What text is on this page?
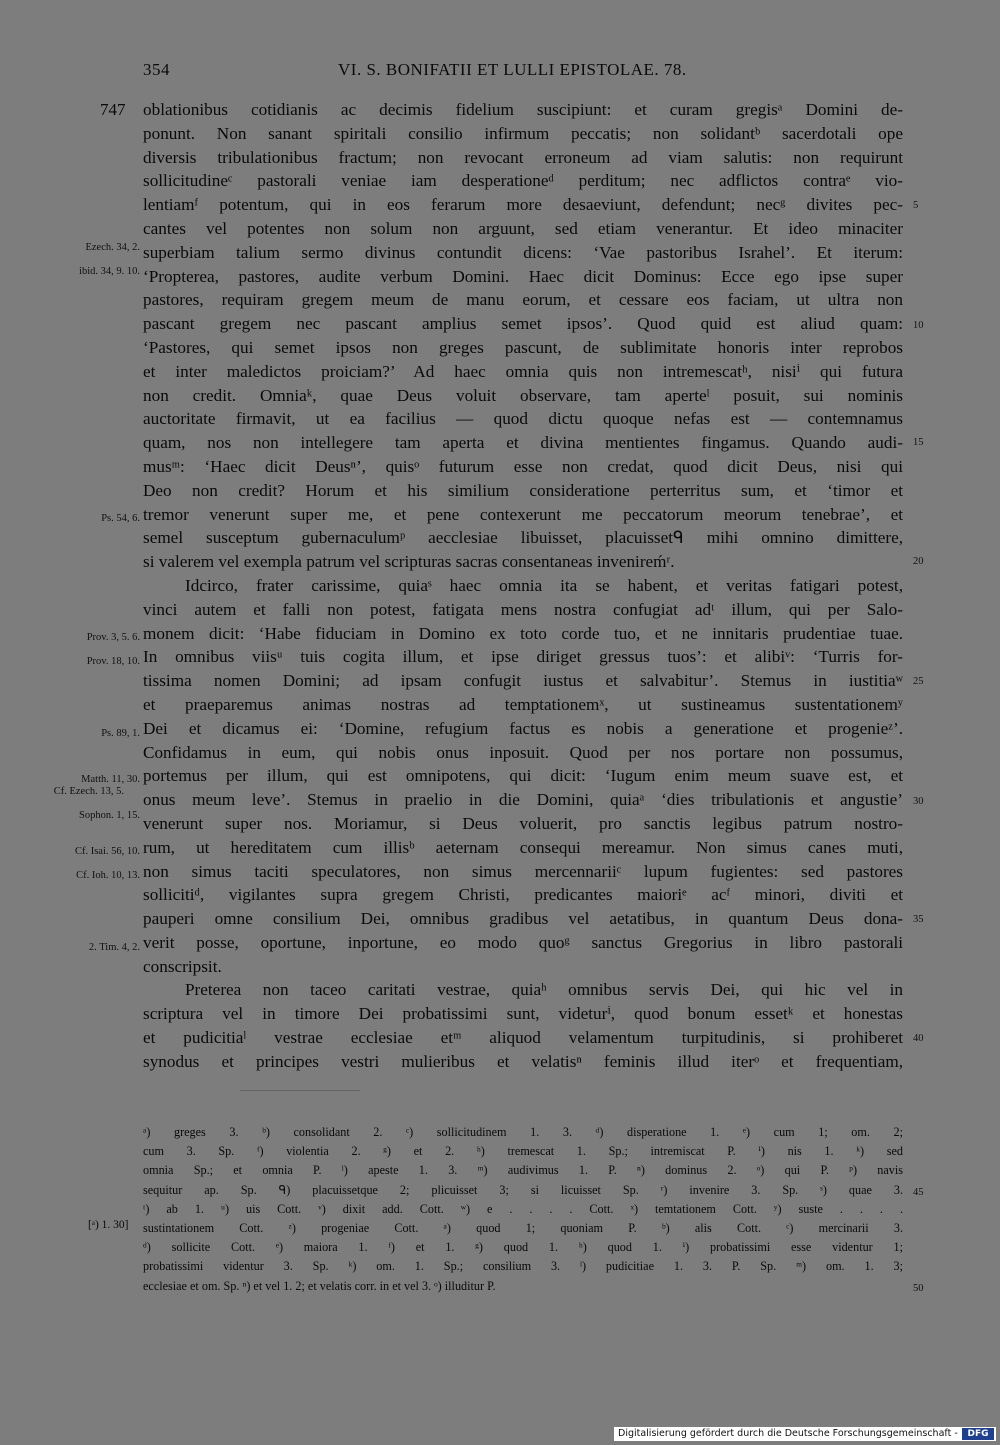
354	VI. S. BONIFATII ET LULLI EPISTOLAE. 78.
747 oblationibus cotidianis ac decimis fidelium suscipiunt: et curam gregisᵃ Domini de-
ponunt. Non sanant spiritali consilio infirmum peccatis; non solidantᵇ sacerdotali ope
diversis tribulationibus fractum; non revocant erroneum ad viam salutis: non requirunt
sollicitudineᶜ pastorali veniae iam desperationeᵈ perditum; nec adflictos contraᵉ vio-
lentiamᶠ potentum, qui in eos ferarum more desaeviunt, defendunt; necᵍ divites pec-
cantes vel potentes non solum non arguunt, sed etiam venerantur. Et ideo minaciter
superbiam talium sermo divinus contundit dicens: ‘Vae pastoribus Israhel’. Et iterum:
‘Propterea, pastores, audite verbum Domini. Haec dicit Dominus: Ecce ego ipse super
pastores, requiram gregem meum de manu eorum, et cessare eos faciam, ut ultra non
pascant gregem nec pascant amplius semet ipsos’. Quod quid est aliud quam:
‘Pastores, qui semet ipsos non greges pascunt, de sublimitate honoris inter reprobos
et inter maledictos proiciam?’ Ad haec omnia quis non intremescatʰ, nisiⁱ qui futura
non credit. Omniaᵏ, quae Deus voluit observare, tam aperteˡ posuit, sui nominis
auctoritate firmavit, ut ea facilius — quod dictu quoque nefas est — contemnamus
quam, nos non intellegere tam aperta et divina mentientes fingamus. Quando audi-
musᵐ: ‘Haec dicit Deusⁿ’, quisᵒ futurum esse non credat, quod dicit Deus, nisi qui
Deo non credit? Horum et his similium consideratione perterritus sum, et ‘timor et
tremor venerunt super me, et pene contexerunt me peccatorum meorum tenebrae’, et
semel susceptum gubernaculumᵖ aecclesiae libuisset, placuissetᑫ mihi omnino dimittere,
si valerem vel exempla patrum vel scripturas sacras consentaneas invenireḿʳ.
Idcirco, frater carissime, quiaˢ haec omnia ita se habent, et veritas fatigari potest,
vinci autem et falli non potest, fatigata mens nostra confugiat adᵗ illum, qui per Salo-
monem dicit: ‘Habe fiduciam in Domino ex toto corde tuo, et ne innitaris prudentiae tuae.
In omnibus viisᵘ tuis cogita illum, et ipse diriget gressus tuos’: et alibiᵛ: ‘Turris for-
tissima nomen Domini; ad ipsam confugit iustus et salvabitur’. Stemus in iustitiaʷ
et praeparemus animas nostras ad temptationemˣ, ut sustineamus sustentationemʸ
Dei et dicamus ei: ‘Domine, refugium factus es nobis a generatione et progenieᶻ’.
Confidamus in eum, qui nobis onus inposuit. Quod per nos portare non possumus,
portemus per illum, qui est omnipotens, qui dicit: ‘Iugum enim meum suave est, et
onus meum leve’. Stemus in praelio in die Domini, quiaᵃ ‘dies tribulationis et angustie’
venerunt super nos. Moriamur, si Deus voluerit, pro sanctis legibus patrum nostro-
rum, ut hereditatem cum illisᵇ aeternam consequi mereamur. Non simus canes muti,
non simus taciti speculatores, non simus mercennariiᶜ lupum fugientes: sed pastores
sollicitiᵈ, vigilantes supra gregem Christi, predicantes maioriᵉ acᶠ minori, diviti et
pauperi omne consilium Dei, omnibus gradibus vel aetatibus, in quantum Deus dona-
verit posse, oportune, inportune, eo modo quoᵍ sanctus Gregorius in libro pastorali
conscripsit.
Preterea non taceo caritati vestrae, quiaʰ omnibus servis Dei, qui hic vel in
scriptura vel in timore Dei probatissimi sunt, videturⁱ, quod bonum essetᵏ et honestas
et pudicitiaˡ vestrae ecclesiae etᵐ aliquod velamentum turpitudinis, si prohiberet
synodus et principes vestri mulieribus et velatisⁿ feminis illud iterᵒ et frequentiam,
Ezech. 34, 2.
ibid. 34, 9. 10.
Ps. 54, 6.
Prov. 3, 5. 6.
Prov. 18, 10.
Ps. 89, 1.
Matth. 11, 30.
Cf. Ezech. 13, 5.
Sophon. 1, 15.
Cf. Isai. 56, 10.
Cf. Ioh. 10, 13.
2. Tim. 4, 2.
5
10
15
20
25
30
35
40
[ᵃ) 1. 30]
ᵃ) greges 3. ᵇ) consolidant 2. ᶜ) sollicitudinem 1. 3. ᵈ) disperatione 1. ᵉ) cum 1; om. 2;
cum 3. Sp. ᶠ) violentia 2. ᵍ) et 2. ʰ) tremescat 1. Sp.; intremiscat P. ⁱ) nis 1. ᵏ) sed
omnia Sp.; et omnia P. ˡ) apeste 1. 3. ᵐ) audivimus 1. P. ⁿ) dominus 2. ᵒ) qui P. ᵖ) navis
sequitur ap. Sp. ᑫ) placuissetque 2; plicuisset 3; si licuisset Sp. ʳ) invenire 3. Sp. ˢ) quae 3.
ᵗ) ab 1. ᵘ) uis Cott. ᵛ) dixit add. Cott. ʷ) e . . . . Cott. ˣ) temtationem Cott. ʸ) suste . . . .
sustintationem Cott. ᶻ) progeniae Cott. ᵃ) quod 1; quoniam P. ᵇ) alis Cott. ᶜ) mercinarii 3.
ᵈ) sollicite Cott. ᵉ) maiora 1. ᶠ) et 1. ᵍ) quod 1. ʰ) quod 1. ⁱ) probatissimi esse videntur 1;
probatissimi videntur 3. Sp. ᵏ) om. 1. Sp.; consilium 3. ˡ) pudicitiae 1. 3. P. Sp. ᵐ) om. 1. 3;
ecclesiae et om. Sp. ⁿ) et vel 1. 2; et velatis corr. in et vel 3. ᵒ) illuditur P.
45
50
Digitalisierung gefördert durch die Deutsche Forschungsgemeinschaft -	DFG
